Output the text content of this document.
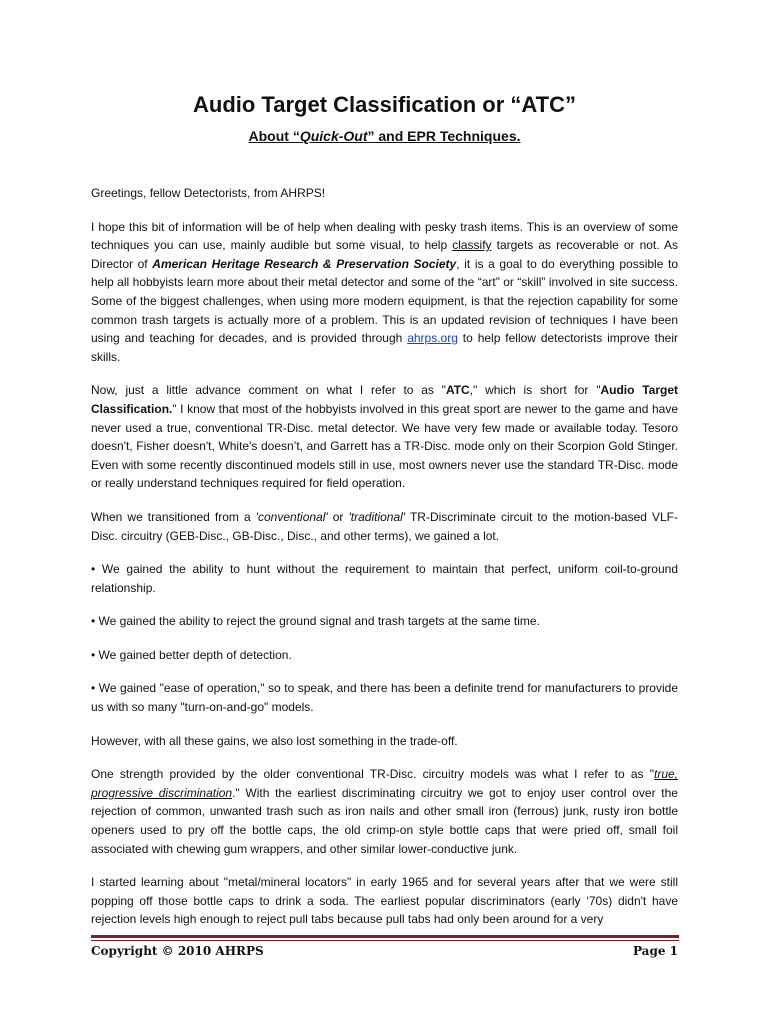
Audio Target Classification or “ATC”
About “Quick-Out” and EPR Techniques.

Greetings, fellow Detectorists, from AHRPS!

I hope this bit of information will be of help when dealing with pesky trash items. This is an overview of some techniques you can use, mainly audible but some visual, to help classify targets as recoverable or not. As Director of American Heritage Research & Preservation Society, it is a goal to do everything possible to help all hobbyists learn more about their metal detector and some of the “art” or “skill” involved in site success. Some of the biggest challenges, when using more modern equipment, is that the rejection capability for some common trash targets is actually more of a problem. This is an updated revision of techniques I have been using and teaching for decades, and is provided through ahrps.org to help fellow detectorists improve their skills.

Now, just a little advance comment on what I refer to as "ATC," which is short for "Audio Target Classification." I know that most of the hobbyists involved in this great sport are newer to the game and have never used a true, conventional TR-Disc. metal detector. We have very few made or available today. Tesoro doesn't, Fisher doesn't, White's doesn’t, and Garrett has a TR-Disc. mode only on their Scorpion Gold Stinger. Even with some recently discontinued models still in use, most owners never use the standard TR-Disc. mode or really understand techniques required for field operation.

When we transitioned from a 'conventional' or 'traditional' TR-Discriminate circuit to the motion-based VLF-Disc. circuitry (GEB-Disc., GB-Disc., Disc., and other terms), we gained a lot.

• We gained the ability to hunt without the requirement to maintain that perfect, uniform coil-to-ground relationship.

• We gained the ability to reject the ground signal and trash targets at the same time.

• We gained better depth of detection.

• We gained "ease of operation," so to speak, and there has been a definite trend for manufacturers to provide us with so many "turn-on-and-go" models.

However, with all these gains, we also lost something in the trade-off.

One strength provided by the older conventional TR-Disc. circuitry models was what I refer to as "true, progressive discrimination." With the earliest discriminating circuitry we got to enjoy user control over the rejection of common, unwanted trash such as iron nails and other small iron (ferrous) junk, rusty iron bottle openers used to pry off the bottle caps, the old crimp-on style bottle caps that were pried off, small foil associated with chewing gum wrappers, and other similar lower-conductive junk.

I started learning about "metal/mineral locators" in early 1965 and for several years after that we were still popping off those bottle caps to drink a soda. The earliest popular discriminators (early ‘70s) didn't have rejection levels high enough to reject pull tabs because pull tabs had only been around for a very

Copyright © 2010 AHRPS	Page 1
